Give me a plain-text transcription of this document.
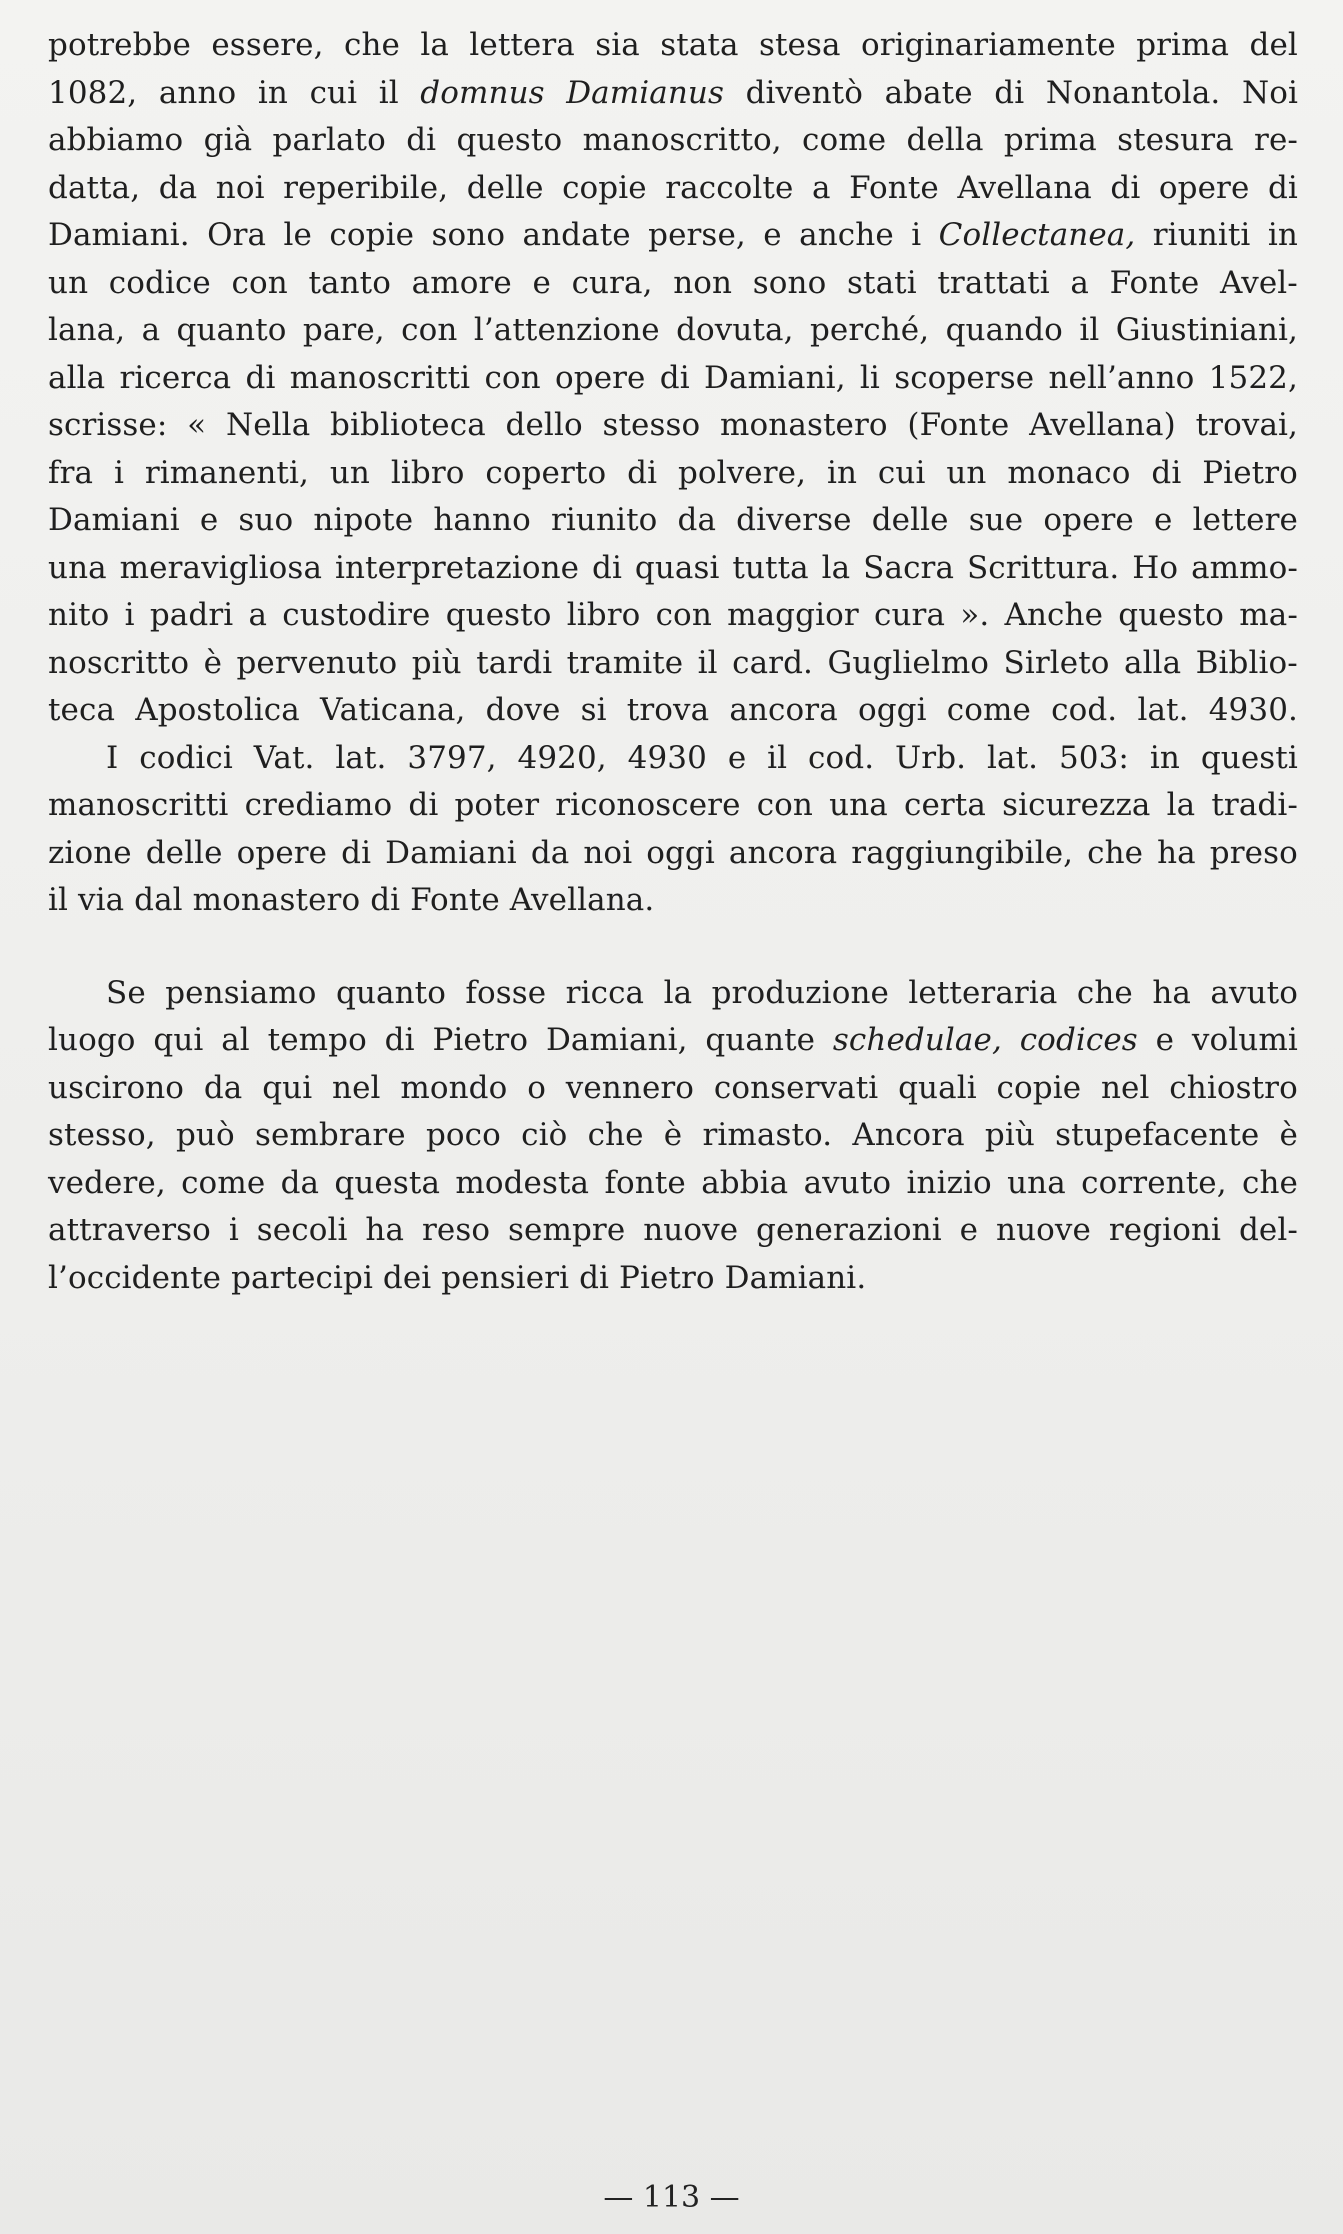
potrebbe essere, che la lettera sia stata stesa originariamente prima del
1082, anno in cui il domnus Damianus diventò abate di Nonantola. Noi
abbiamo già parlato di questo manoscritto, come della prima stesura re-
datta, da noi reperibile, delle copie raccolte a Fonte Avellana di opere di
Damiani. Ora le copie sono andate perse, e anche i Collectanea, riuniti in
un codice con tanto amore e cura, non sono stati trattati a Fonte Avel-
lana, a quanto pare, con l’attenzione dovuta, perché, quando il Giustiniani,
alla ricerca di manoscritti con opere di Damiani, li scoperse nell’anno 1522,
scrisse: « Nella biblioteca dello stesso monastero (Fonte Avellana) trovai,
fra i rimanenti, un libro coperto di polvere, in cui un monaco di Pietro
Damiani e suo nipote hanno riunito da diverse delle sue opere e lettere
una meravigliosa interpretazione di quasi tutta la Sacra Scrittura. Ho ammo-
nito i padri a custodire questo libro con maggior cura ». Anche questo ma-
noscritto è pervenuto più tardi tramite il card. Guglielmo Sirleto alla Biblio-
teca Apostolica Vaticana, dove si trova ancora oggi come cod. lat. 4930.
I codici Vat. lat. 3797, 4920, 4930 e il cod. Urb. lat. 503: in questi
manoscritti crediamo di poter riconoscere con una certa sicurezza la tradi-
zione delle opere di Damiani da noi oggi ancora raggiungibile, che ha preso
il via dal monastero di Fonte Avellana.
Se pensiamo quanto fosse ricca la produzione letteraria che ha avuto
luogo qui al tempo di Pietro Damiani, quante schedulae, codices e volumi
uscirono da qui nel mondo o vennero conservati quali copie nel chiostro
stesso, può sembrare poco ciò che è rimasto. Ancora più stupefacente è
vedere, come da questa modesta fonte abbia avuto inizio una corrente, che
attraverso i secoli ha reso sempre nuove generazioni e nuove regioni del-
l’occidente partecipi dei pensieri di Pietro Damiani.
— 113 —
